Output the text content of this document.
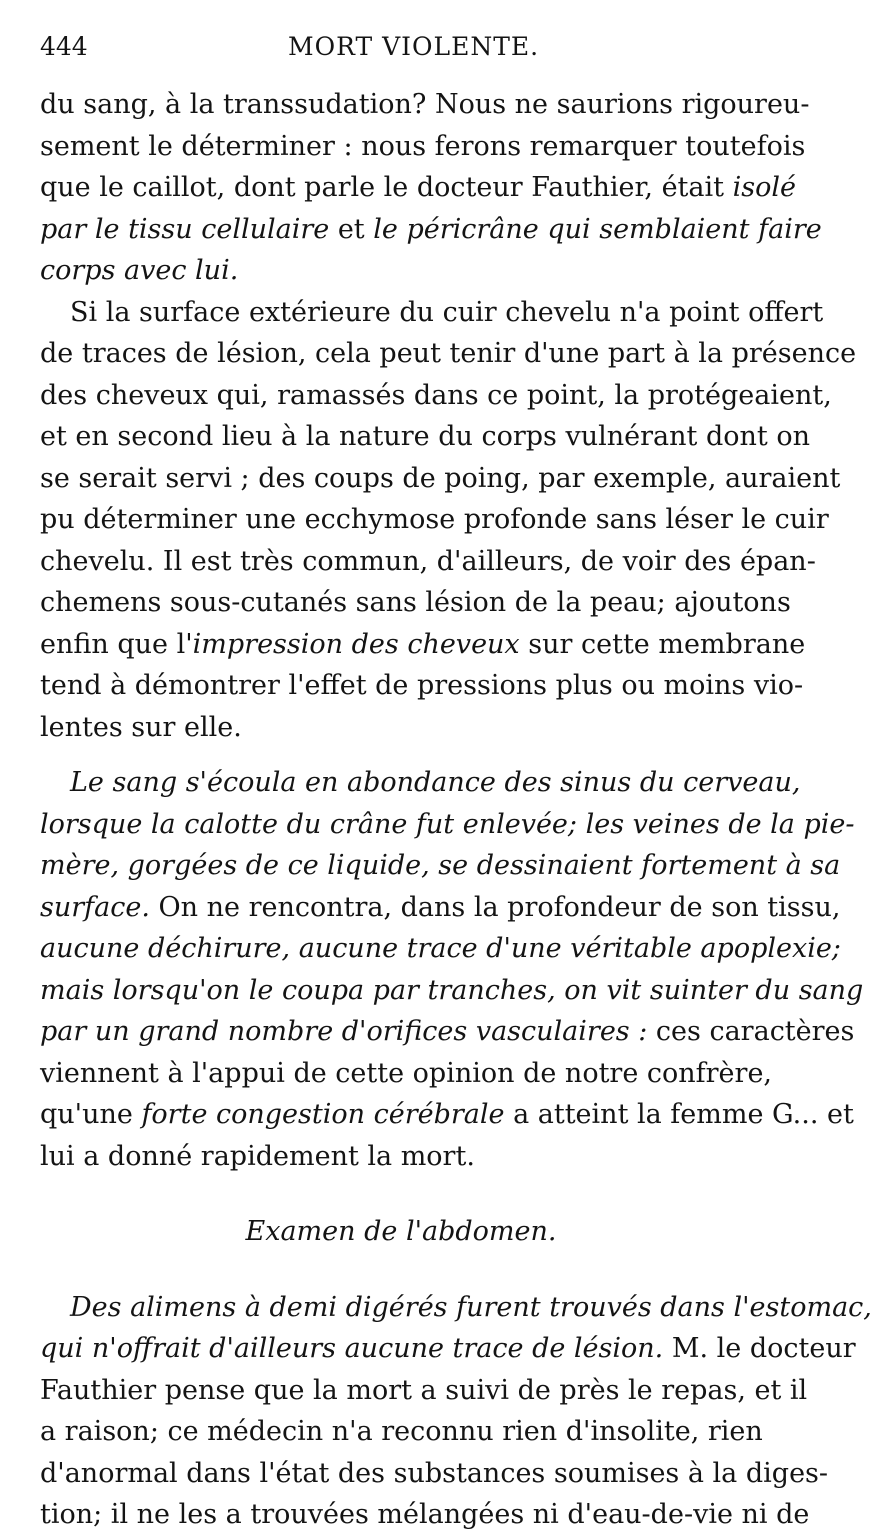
444	MORT VIOLENTE.
du sang, à la transsudation? Nous ne saurions rigoureu-
sement le déterminer : nous ferons remarquer toutefois
que le caillot, dont parle le docteur Fauthier, était isolé
par le tissu cellulaire et le péricrâne qui semblaient faire
corps avec lui.
Si la surface extérieure du cuir chevelu n'a point offert
de traces de lésion, cela peut tenir d'une part à la présence
des cheveux qui, ramassés dans ce point, la protégeaient,
et en second lieu à la nature du corps vulnérant dont on
se serait servi ; des coups de poing, par exemple, auraient
pu déterminer une ecchymose profonde sans léser le cuir
chevelu. Il est très commun, d'ailleurs, de voir des épan-
chemens sous-cutanés sans lésion de la peau; ajoutons
enfin que l'impression des cheveux sur cette membrane
tend à démontrer l'effet de pressions plus ou moins vio-
lentes sur elle.
Le sang s'écoula en abondance des sinus du cerveau,
lorsque la calotte du crâne fut enlevée; les veines de la pie-
mère, gorgées de ce liquide, se dessinaient fortement à sa
surface. On ne rencontra, dans la profondeur de son tissu,
aucune déchirure, aucune trace d'une véritable apoplexie;
mais lorsqu'on le coupa par tranches, on vit suinter du sang
par un grand nombre d'orifices vasculaires : ces caractères
viennent à l'appui de cette opinion de notre confrère,
qu'une forte congestion cérébrale a atteint la femme G... et
lui a donné rapidement la mort.
Examen de l'abdomen.
Des alimens à demi digérés furent trouvés dans l'estomac,
qui n'offrait d'ailleurs aucune trace de lésion. M. le docteur
Fauthier pense que la mort a suivi de près le repas, et il
a raison; ce médecin n'a reconnu rien d'insolite, rien
d'anormal dans l'état des substances soumises à la diges-
tion; il ne les a trouvées mélangées ni d'eau-de-vie ni de
